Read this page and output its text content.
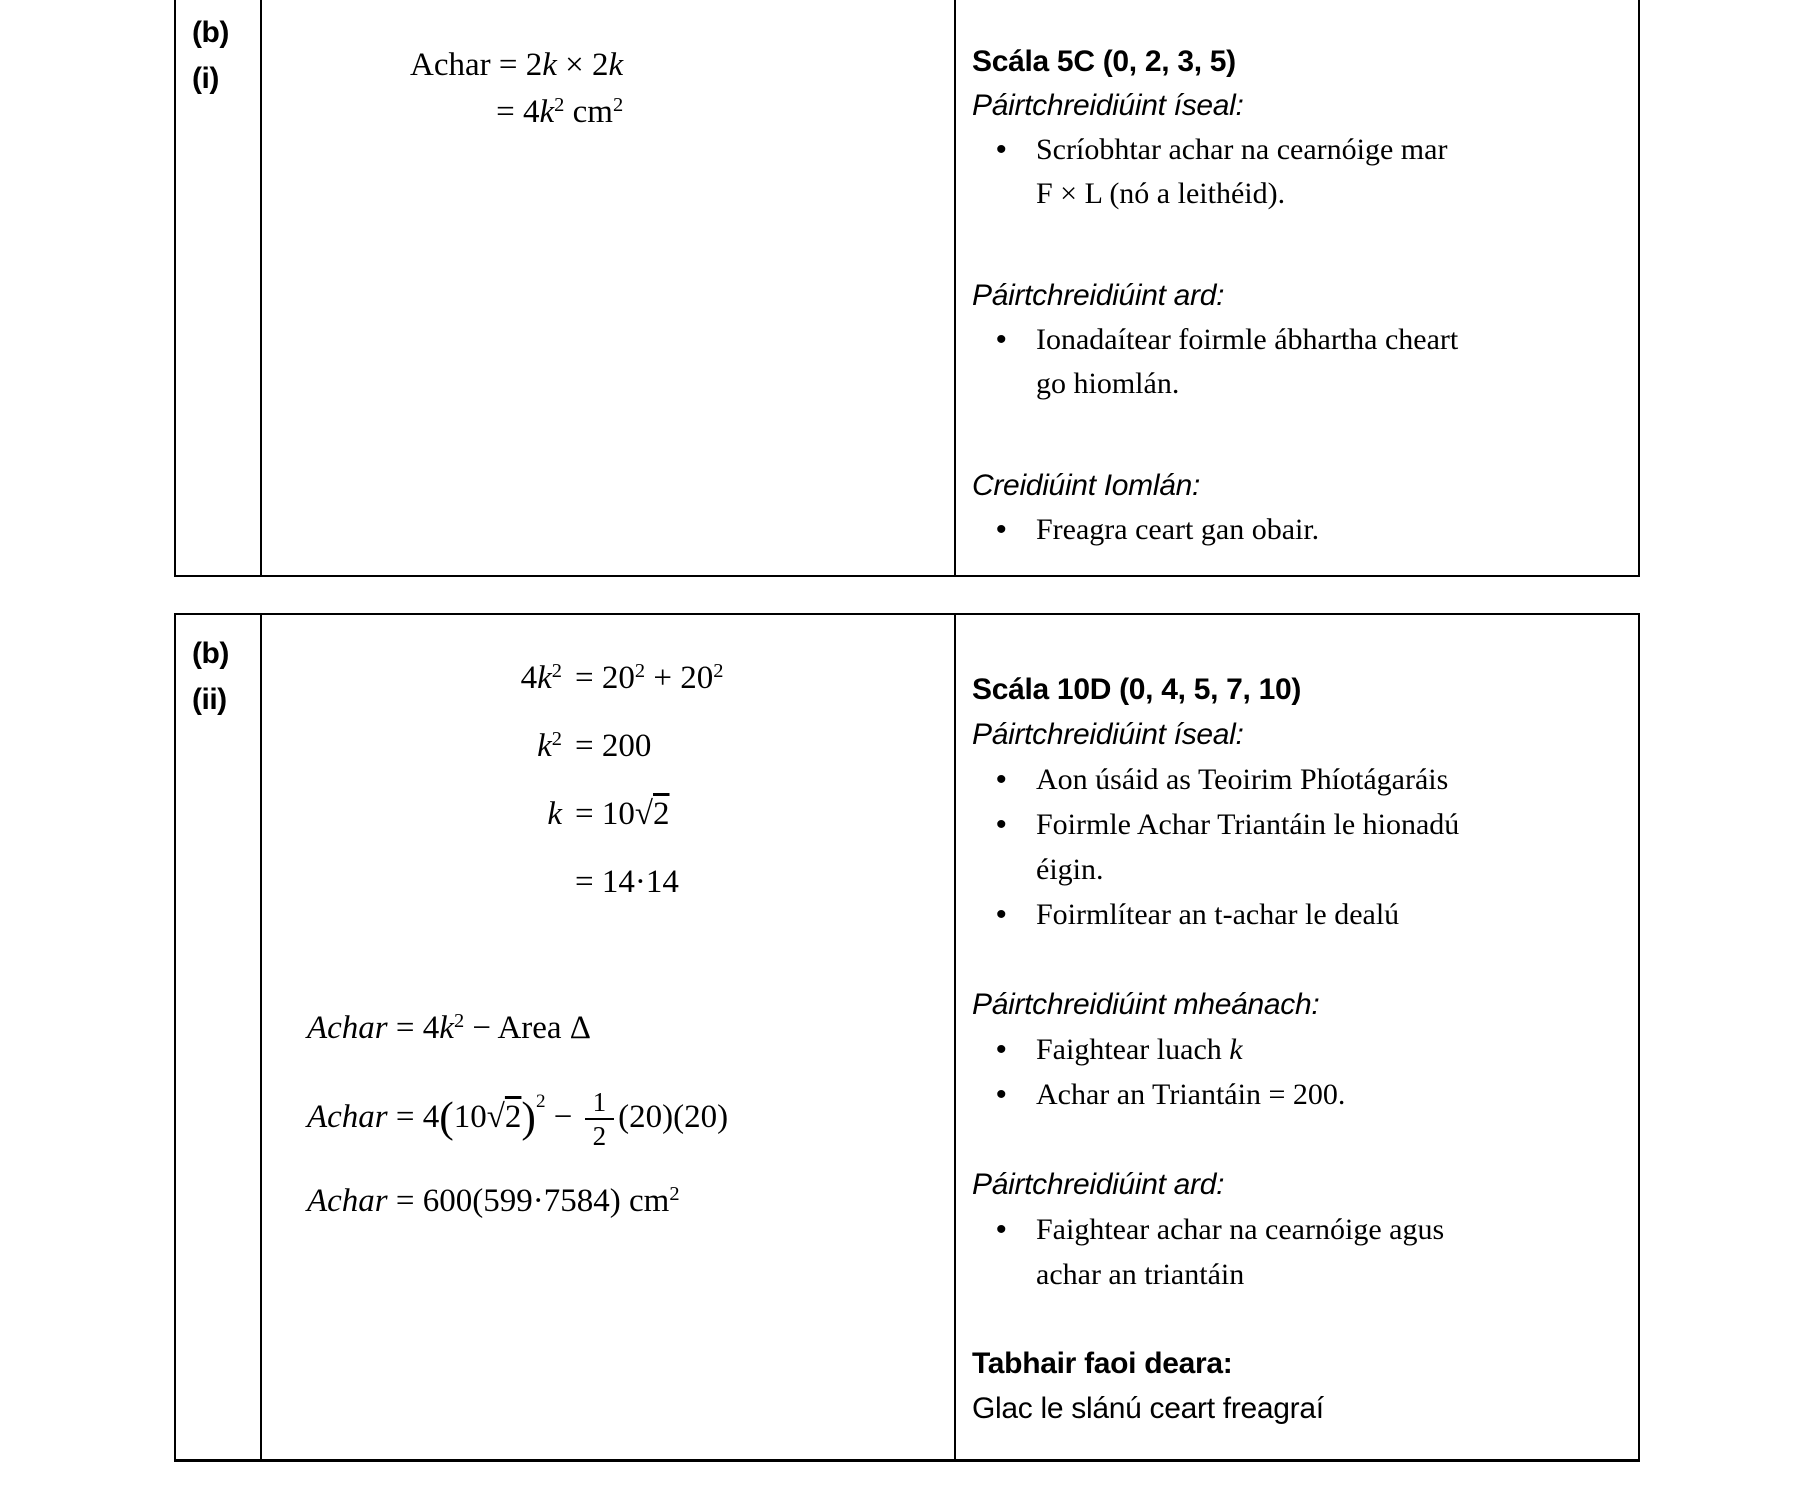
(b)
(i)	Achar = 2k × 2k
= $4k^2$ $cm^2$
Scála 5C (0, 2, 3, 5)
Páirtchreidiúint íseal:
• Scríobhtar achar na cearnóige mar
F × L (nó a leithéid).
Páirtchreidiúint ard:
• Ionadaítear foirmle ábhartha cheart
go hiomlán.
Creidiúint Iomlán:
• Freagra ceart gan obair.
(b)
(ii)
$4k^2 = 20^2 + 20^2$
$k^2 = 200$
k = 10√2
= 14·14
Achar = $4k^2$ − Area Δ
Achar = $4(10√2)^2 - \frac{1}{2} (20)(20)$
Achar = 600(599·7584) $cm^2$
Scála 10D (0, 4, 5, 7, 10)
Páirtchreidiúint íseal:
• Aon úsáid as Teoirim Phíotágaráis
• Foirmle Achar Triantáin le hionadú
éigin.
• Foirmlítear an t-achar le dealú
Páirtchreidiúint mheánach:
• Faightear luach k
• Achar an Triantáin = 200.
Páirtchreidiúint ard:
• Faightear achar na cearnóige agus
achar an triantáin
Tabhair faoi deara:
Glac le slánú ceart freagraí
